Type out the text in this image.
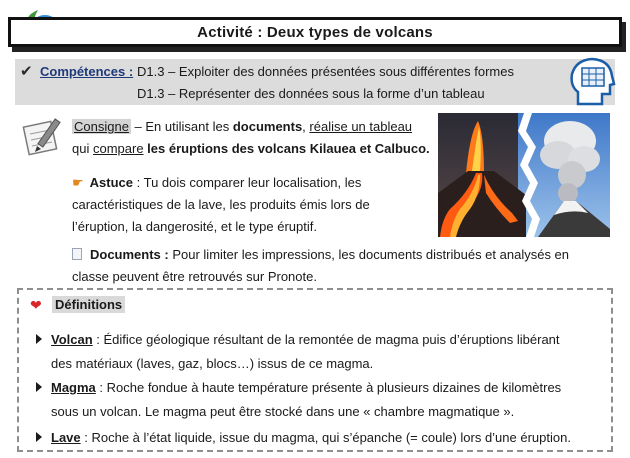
Activité : Deux types de volcans
✔ Compétences : D1.3 – Exploiter des données présentées sous différentes formes
D1.3 – Représenter des données sous la forme d’un tableau
Consigne – En utilisant les documents, réalise un tableau
qui compare les éruptions des volcans Kilauea et Calbuco.
☛ Astuce : Tu dois comparer leur localisation, les
caractéristiques de la lave, les produits émis lors de
l’éruption, la dangerosité, et le type éruptif.
Documents : Pour limiter les impressions, les documents distribués et analysés en
classe peuvent être retrouvés sur Pronote.
❤ Définitions
Volcan : Édifice géologique résultant de la remontée de magma puis d’éruptions libérant
des matériaux (laves, gaz, blocs…) issus de ce magma.
Magma : Roche fondue à haute température présente à plusieurs dizaines de kilomètres
sous un volcan. Le magma peut être stocké dans une « chambre magmatique ».
Lave : Roche à l’état liquide, issue du magma, qui s’épanche (= coule) lors d’une éruption.
